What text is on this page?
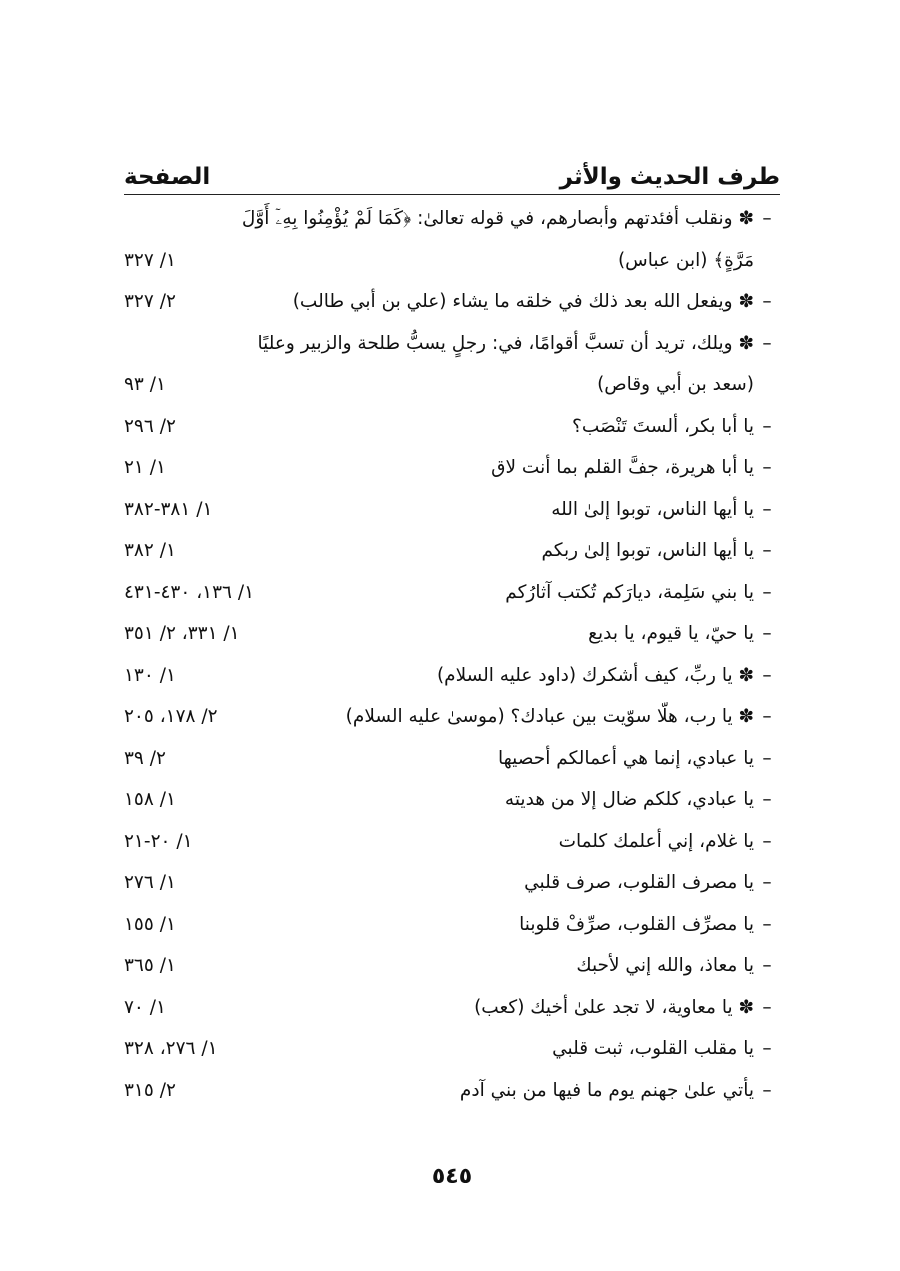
طرف الحديث والأثر
الصفحة
–
✽ ونقلب أفئدتهم وأبصارهم، في قوله تعالىٰ: ﴿كَمَا لَمْ يُؤْمِنُوا بِهِۦٓ أَوَّلَ
مَرَّةٍ﴾ (ابن عباس)
١/ ٣٢٧
–
✽ ويفعل الله بعد ذلك في خلقه ما يشاء (علي بن أبي طالب)
٢/ ٣٢٧
–
✽ ويلك، تريد أن تسبَّ أقوامًا، في: رجلٍ يسبُّ طلحة والزبير وعليًا
(سعد بن أبي وقاص)
١/ ٩٣
–
يا أبا بكر، ألستَ تَنْصَب؟
٢/ ٢٩٦
–
يا أبا هريرة، جفَّ القلم بما أنت لاق
١/ ٢١
–
يا أيها الناس، توبوا إلىٰ الله
١/ ٣٨١-٣٨٢
–
يا أيها الناس، توبوا إلىٰ ربكم
١/ ٣٨٢
–
يا بني سَلِمة، ديارَكم تُكتب آثارُكم
١/ ١٣٦، ٤٣٠-٤٣١
–
يا حيّ، يا قيوم، يا بديع
١/ ٣٣١، ٢/ ٣٥١
–
✽ يا ربِّ، كيف أشكرك (داود عليه السلام)
١/ ١٣٠
–
✽ يا رب، هلّا سوّيت بين عبادك؟ (موسىٰ عليه السلام)
٢/ ١٧٨، ٢٠٥
–
يا عبادي، إنما هي أعمالكم أحصيها
٢/ ٣٩
–
يا عبادي، كلكم ضال إلا من هديته
١/ ١٥٨
–
يا غلام، إني أعلمك كلمات
١/ ٢٠-٢١
–
يا مصرف القلوب، صرف قلبي
١/ ٢٧٦
–
يا مصرِّف القلوب، صرِّفْ قلوبنا
١/ ١٥٥
–
يا معاذ، والله إني لأحبك
١/ ٣٦٥
–
✽ يا معاوية، لا تجد علىٰ أخيك (كعب)
١/ ٧٠
–
يا مقلب القلوب، ثبت قلبي
١/ ٢٧٦، ٣٢٨
–
يأتي علىٰ جهنم يوم ما فيها من بني آدم
٢/ ٣١٥
٥٤٥
